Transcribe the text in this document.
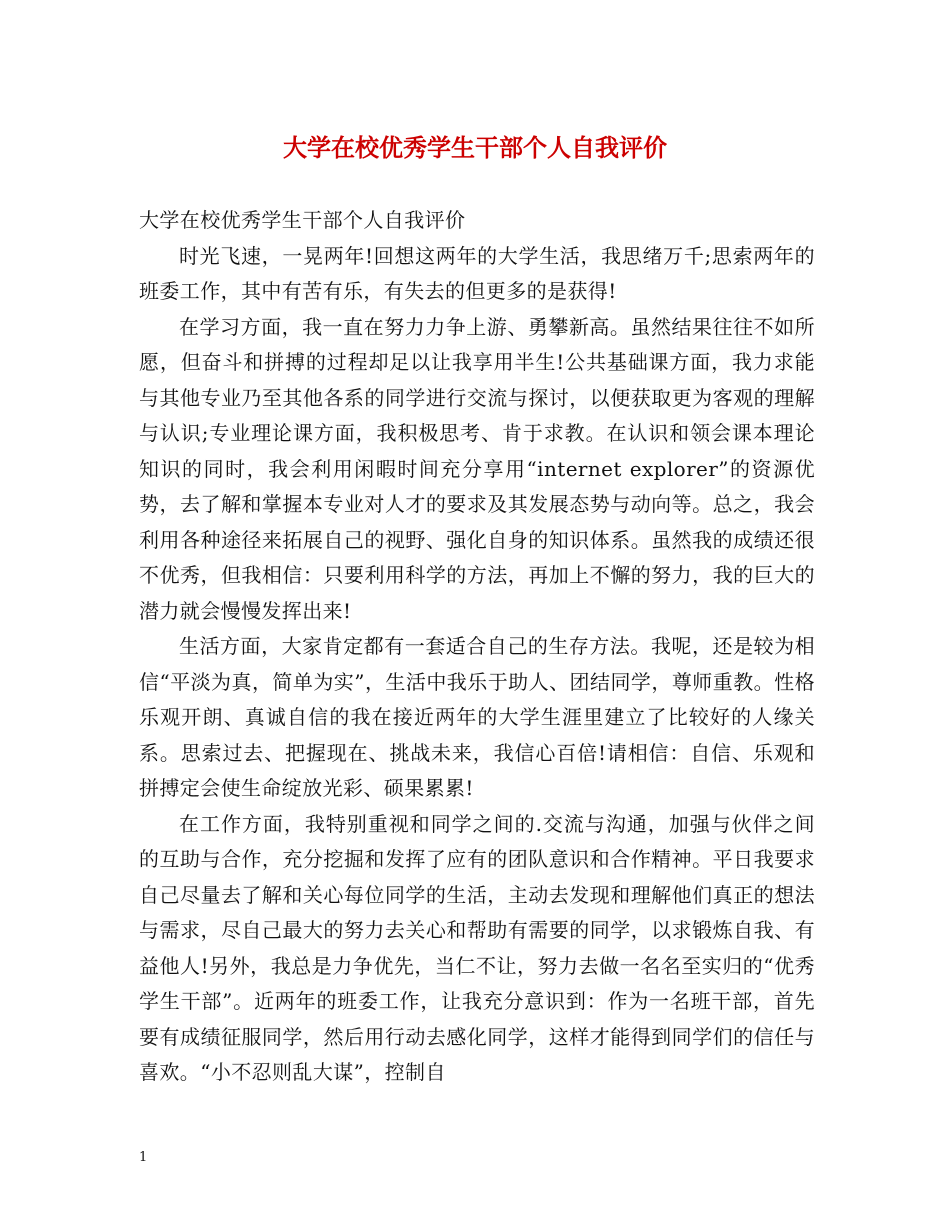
大学在校优秀学生干部个人自我评价

大学在校优秀学生干部个人自我评价

时光飞速，一晃两年!回想这两年的大学生活，我思绪万千;思索两年的班委工作，其中有苦有乐，有失去的但更多的是获得!

在学习方面，我一直在努力力争上游、勇攀新高。虽然结果往往不如所愿，但奋斗和拼搏的过程却足以让我享用半生!公共基础课方面，我力求能与其他专业乃至其他各系的同学进行交流与探讨，以便获取更为客观的理解与认识;专业理论课方面，我积极思考、肯于求教。在认识和领会课本理论知识的同时，我会利用闲暇时间充分享用“internet explorer”的资源优势，去了解和掌握本专业对人才的要求及其发展态势与动向等。总之，我会利用各种途径来拓展自己的视野、强化自身的知识体系。虽然我的成绩还很不优秀，但我相信：只要利用科学的方法，再加上不懈的努力，我的巨大的潜力就会慢慢发挥出来!

生活方面，大家肯定都有一套适合自己的生存方法。我呢，还是较为相信“平淡为真，简单为实”，生活中我乐于助人、团结同学，尊师重教。性格乐观开朗、真诚自信的我在接近两年的大学生涯里建立了比较好的人缘关系。思索过去、把握现在、挑战未来，我信心百倍!请相信：自信、乐观和拼搏定会使生命绽放光彩、硕果累累!

在工作方面，我特别重视和同学之间的.交流与沟通，加强与伙伴之间的互助与合作，充分挖掘和发挥了应有的团队意识和合作精神。平日我要求自己尽量去了解和关心每位同学的生活，主动去发现和理解他们真正的想法与需求，尽自己最大的努力去关心和帮助有需要的同学，以求锻炼自我、有益他人!另外，我总是力争优先，当仁不让，努力去做一名名至实归的“优秀学生干部”。近两年的班委工作，让我充分意识到：作为一名班干部，首先要有成绩征服同学，然后用行动去感化同学，这样才能得到同学们的信任与喜欢。“小不忍则乱大谋”，控制自

1
